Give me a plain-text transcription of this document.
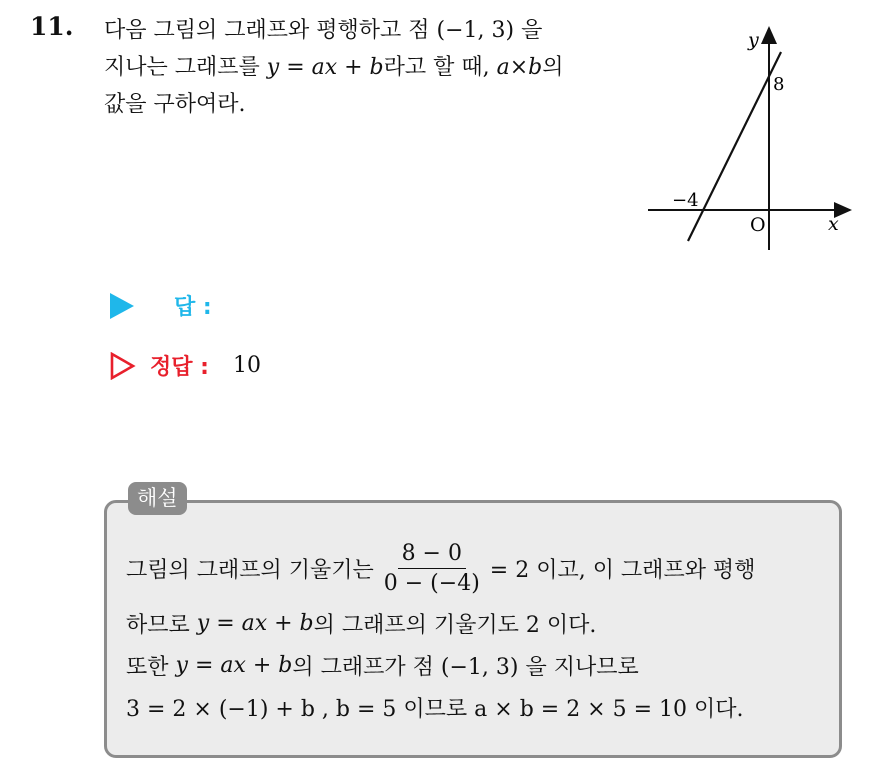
11. 다음 그림의 그래프와 평행하고 점 (−1, 3) 을
지나는 그래프를 y = ax + b라고 할 때, a×b의
값을 구하여라.
y
x
O
8
−4
답 :
정답 : 10
해설
그림의 그래프의 기울기는 $\frac{8 - 0}{0 - (-4)} = 2$ 이고, 이 그래프와 평행
하므로
y = ax + b 의 그래프의 기울기도 2 이다.
또한
y = ax + b 의 그래프가 점 (−1, 3) 을 지나므로
3 = 2 × (−1) + b , b = 5 이므로 a × b = 2 × 5 = 10 이다.
